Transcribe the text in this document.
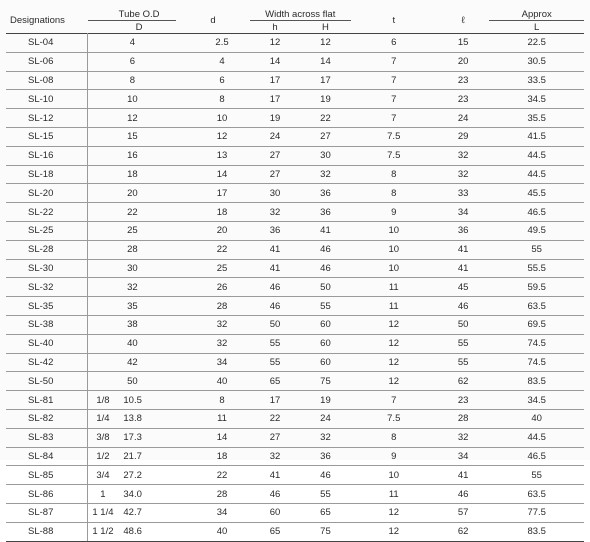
Designations	Tube O.D		d	Width across flat		t	ℓ	Approx
	D			h	H			L
SL-04	4		2.5	12	12	6	15	22.5
SL-06	6		4	14	14	7	20	30.5
SL-08	8		6	17	17	7	23	33.5
SL-10	10		8	17	19	7	23	34.5
SL-12	12		10	19	22	7	24	35.5
SL-15	15		12	24	27	7.5	29	41.5
SL-16	16		13	27	30	7.5	32	44.5
SL-18	18		14	27	32	8	32	44.5
SL-20	20		17	30	36	8	33	45.5
SL-22	22		18	32	36	9	34	46.5
SL-25	25		20	36	41	10	36	49.5
SL-28	28		22	41	46	10	41	55
SL-30	30		25	41	46	10	41	55.5
SL-32	32		26	46	50	11	45	59.5
SL-35	35		28	46	55	11	46	63.5
SL-38	38		32	50	60	12	50	69.5
SL-40	40		32	55	60	12	55	74.5
SL-42	42		34	55	60	12	55	74.5
SL-50	50		40	65	75	12	62	83.5
SL-81	1/8	10.5	8	17	19	7	23	34.5
SL-82	1/4	13.8	11	22	24	7.5	28	40
SL-83	3/8	17.3	14	27	32	8	32	44.5
SL-84	1/2	21.7	18	32	36	9	34	46.5
SL-85	3/4	27.2	22	41	46	10	41	55
SL-86	1	34.0	28	46	55	11	46	63.5
SL-87	1 1/4	42.7	34	60	65	12	57	77.5
SL-88	1 1/2	48.6	40	65	75	12	62	83.5
